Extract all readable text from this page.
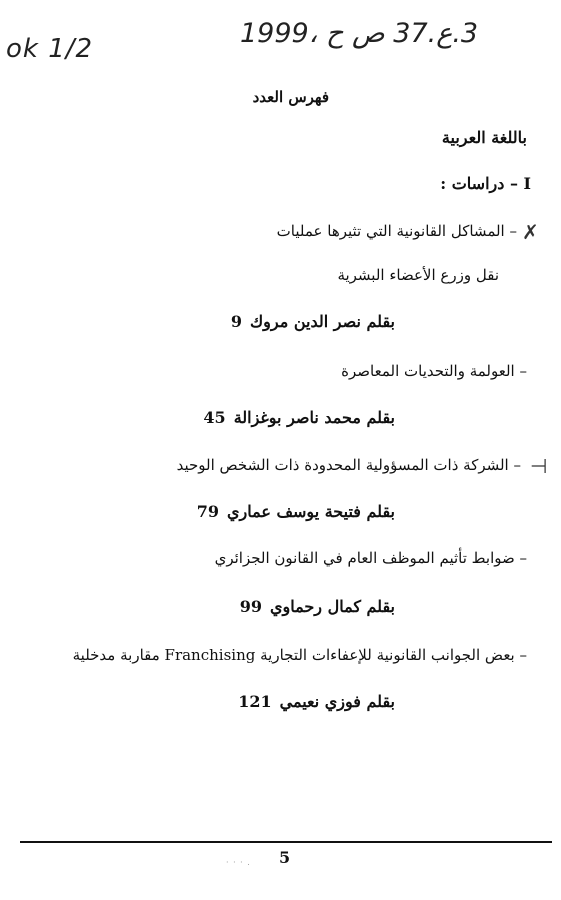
ok 1/2	3.ع.37 ص ح ،1999
فهرس العدد
باللغة العربية
I – دراسات :
✗
– المشاكل القانونية التي تثيرها عمليات
نقل وزرع الأعضاء البشرية
بقلم نصر الدين مروك9
– العولمة والتحديات المعاصرة
بقلم محمد ناصر بوغزالة45
⊣
– الشركة ذات المسؤولية المحدودة ذات الشخص الوحيد
بقلم فتيحة يوسف عماري79
– ضوابط تأثيم الموظف العام في القانون الجزائري
بقلم كمال رحماوي99
– بعض الجوانب القانونية للإعفاءات التجارية Franchising مقاربة مدخلية
بقلم فوزي نعيمي121
· · · . 5
